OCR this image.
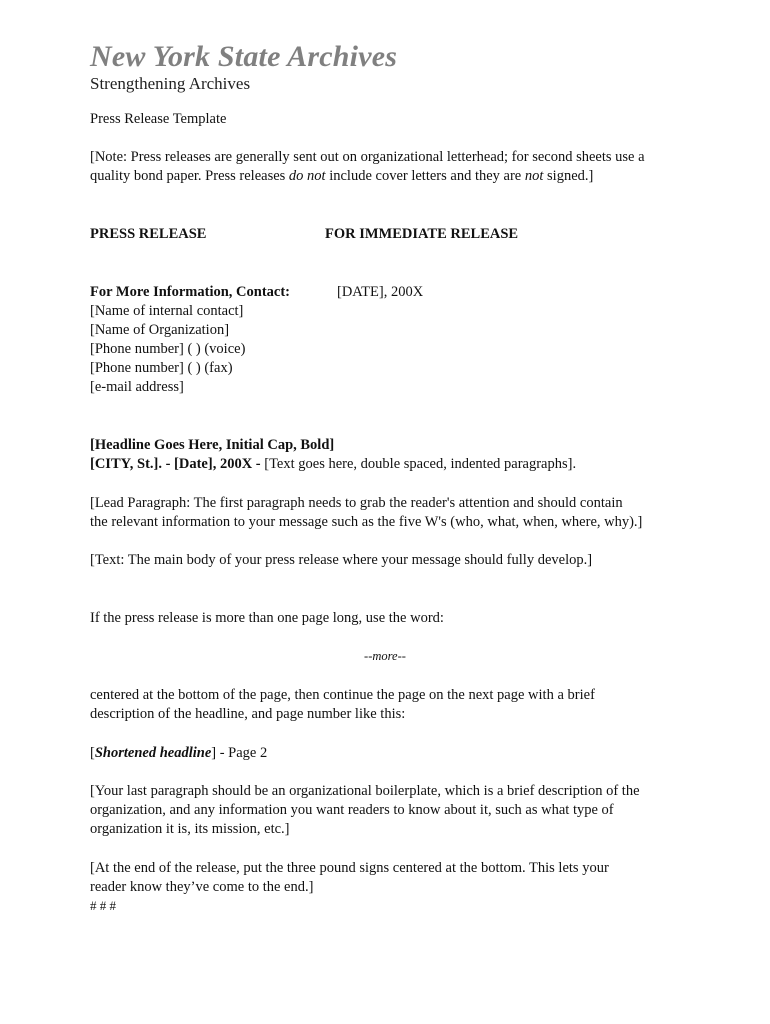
New York State Archives
Strengthening Archives
Press Release Template
[Note: Press releases are generally sent out on organizational letterhead; for second sheets use a
quality bond paper. Press releases do not include cover letters and they are not signed.]
PRESS RELEASE	FOR IMMEDIATE RELEASE
For More Information, Contact:	[DATE], 200X
[Name of internal contact]
[Name of Organization]
[Phone number] ( ) (voice)
[Phone number] ( ) (fax)
[e-mail address]
[Headline Goes Here, Initial Cap, Bold]
[CITY, St.]. - [Date], 200X - [Text goes here, double spaced, indented paragraphs].
[Lead Paragraph: The first paragraph needs to grab the reader's attention and should contain
the relevant information to your message such as the five W's (who, what, when, where, why).]
[Text: The main body of your press release where your message should fully develop.]
If the press release is more than one page long, use the word:
--more--
centered at the bottom of the page, then continue the page on the next page with a brief
description of the headline, and page number like this:
[Shortened headline] - Page 2
[Your last paragraph should be an organizational boilerplate, which is a brief description of the
organization, and any information you want readers to know about it, such as what type of
organization it is, its mission, etc.]
[At the end of the release, put the three pound signs centered at the bottom. This lets your
reader know they’ve come to the end.]
# # #
